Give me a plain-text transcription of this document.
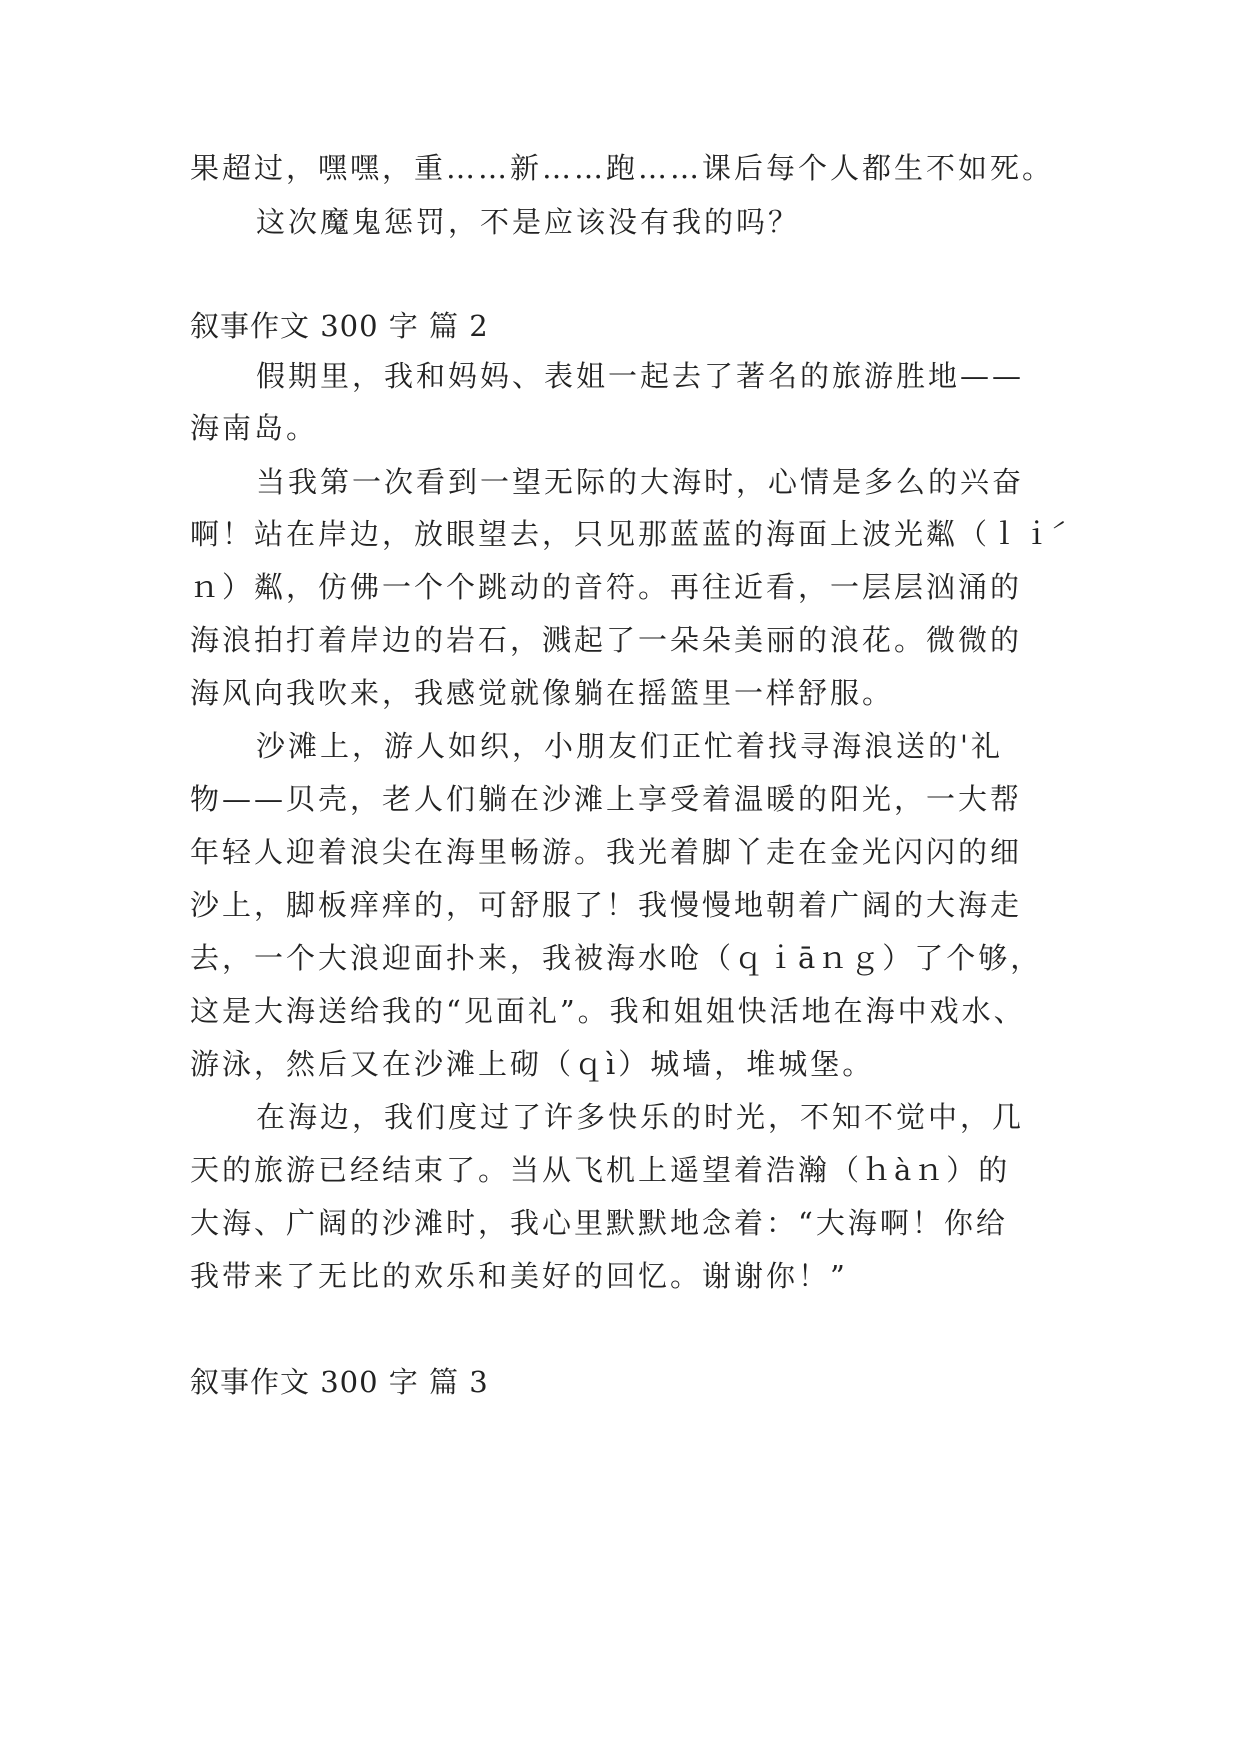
果超过，嘿嘿，重……新……跑……课后每个人都生不如死。
这次魔鬼惩罚，不是应该没有我的吗？
叙事作文 300 字 篇 2
假期里，我和妈妈、表姐一起去了著名的旅游胜地——
海南岛。
当我第一次看到一望无际的大海时，心情是多么的兴奋
啊！站在岸边，放眼望去，只见那蓝蓝的海面上波光粼（ｌｉ́
ｎ）粼，仿佛一个个跳动的音符。再往近看，一层层汹涌的
海浪拍打着岸边的岩石，溅起了一朵朵美丽的浪花。微微的
海风向我吹来，我感觉就像躺在摇篮里一样舒服。
沙滩上，游人如织，小朋友们正忙着找寻海浪送的'礼
物——贝壳，老人们躺在沙滩上享受着温暖的阳光，一大帮
年轻人迎着浪尖在海里畅游。我光着脚丫走在金光闪闪的细
沙上，脚板痒痒的，可舒服了！我慢慢地朝着广阔的大海走
去，一个大浪迎面扑来，我被海水呛（ｑｉāｎｇ）了个够，
这是大海送给我的“见面礼”。我和姐姐快活地在海中戏水、
游泳，然后又在沙滩上砌（ｑì）城墙，堆城堡。
在海边，我们度过了许多快乐的时光，不知不觉中，几
天的旅游已经结束了。当从飞机上遥望着浩瀚（ｈàｎ）的
大海、广阔的沙滩时，我心里默默地念着：“大海啊！你给
我带来了无比的欢乐和美好的回忆。谢谢你！”
叙事作文 300 字 篇 3
